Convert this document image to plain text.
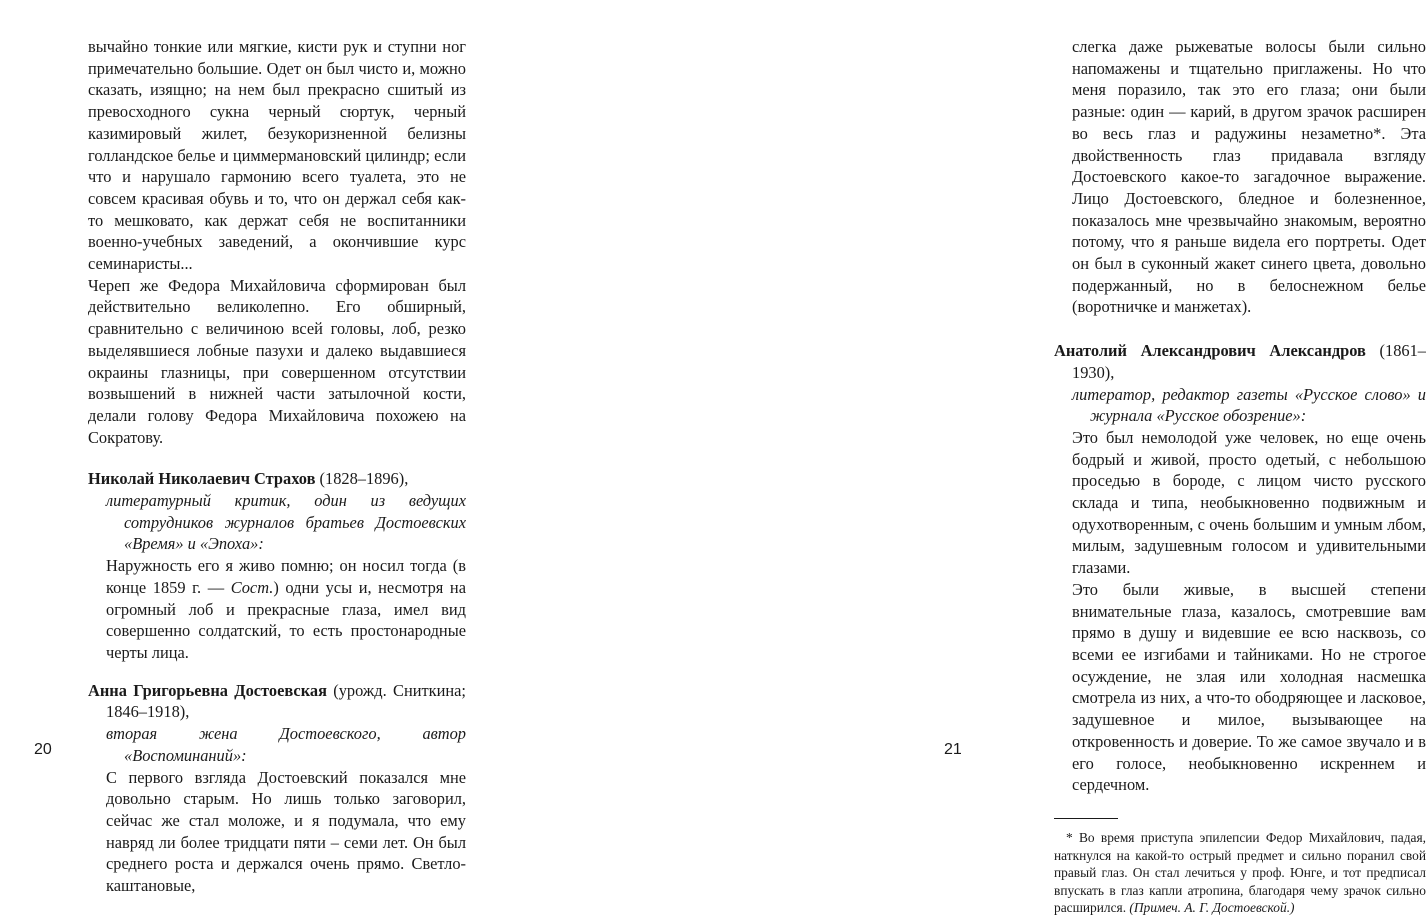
вычайно тонкие или мягкие, кисти рук и ступни ног примечательно большие. Одет он был чисто и, можно сказать, изящно; на нем был прекрасно сшитый из превосходного сукна черный сюртук, черный казимировый жилет, безукоризненной белизны голландское белье и циммермановский цилиндр; если что и нарушало гармонию всего туалета, это не совсем красивая обувь и то, что он держал себя как-то мешковато, как держат себя не воспитанники военно-учебных заведений, а окончившие курс семинаристы...

Череп же Федора Михайловича сформирован был действительно великолепно. Его обширный, сравнительно с величиною всей головы, лоб, резко выделявшиеся лобные пазухи и далеко выдавшиеся окраины глазницы, при совершенном отсутствии возвышений в нижней части затылочной кости, делали голову Федора Михайловича похожею на Сократову.

Николай Николаевич Страхов (1828–1896),
литературный критик, один из ведущих сотрудников журналов братьев Достоевских «Время» и «Эпоха»:

Наружность его я живо помню; он носил тогда (в конце 1859 г. — Сост.) одни усы и, несмотря на огромный лоб и прекрасные глаза, имел вид совершенно солдатский, то есть простонародные черты лица.

Анна Григорьевна Достоевская (урожд. Сниткина; 1846–1918),
вторая жена Достоевского, автор «Воспоминаний»:

С первого взгляда Достоевский показался мне довольно старым. Но лишь только заговорил, сейчас же стал моложе, и я подумала, что ему навряд ли более тридцати пяти – семи лет. Он был среднего роста и держался очень прямо. Светло-каштановые,

20

слегка даже рыжеватые волосы были сильно напомажены и тщательно приглажены. Но что меня поразило, так это его глаза; они были разные: один — карий, в другом зрачок расширен во весь глаз и радужины незаметно*. Эта двойственность глаз придавала взгляду Достоевского какое-то загадочное выражение. Лицо Достоевского, бледное и болезненное, показалось мне чрезвычайно знакомым, вероятно потому, что я раньше видела его портреты. Одет он был в суконный жакет синего цвета, довольно подержанный, но в белоснежном белье (воротничке и манжетах).

Анатолий Александрович Александров (1861–1930),
литератор, редактор газеты «Русское слово» и журнала «Русское обозрение»:

Это был немолодой уже человек, но еще очень бодрый и живой, просто одетый, с небольшою проседью в бороде, с лицом чисто русского склада и типа, необыкновенно подвижным и одухотворенным, с очень большим и умным лбом, милым, задушевным голосом и удивительными глазами.

Это были живые, в высшей степени внимательные глаза, казалось, смотревшие вам прямо в душу и видевшие ее всю насквозь, со всеми ее изгибами и тайниками. Но не строгое осуждение, не злая или холодная насмешка смотрела из них, а что-то ободряющее и ласковое, задушевное и милое, вызывающее на откровенность и доверие. То же самое звучало и в его голосе, необыкновенно искреннем и сердечном.

* Во время приступа эпилепсии Федор Михайлович, падая, наткнулся на какой-то острый предмет и сильно поранил свой правый глаз. Он стал лечиться у проф. Юнге, и тот предписал впускать в глаз капли атропина, благодаря чему зрачок сильно расширился. (Примеч. А. Г. Достоевской.)

21
